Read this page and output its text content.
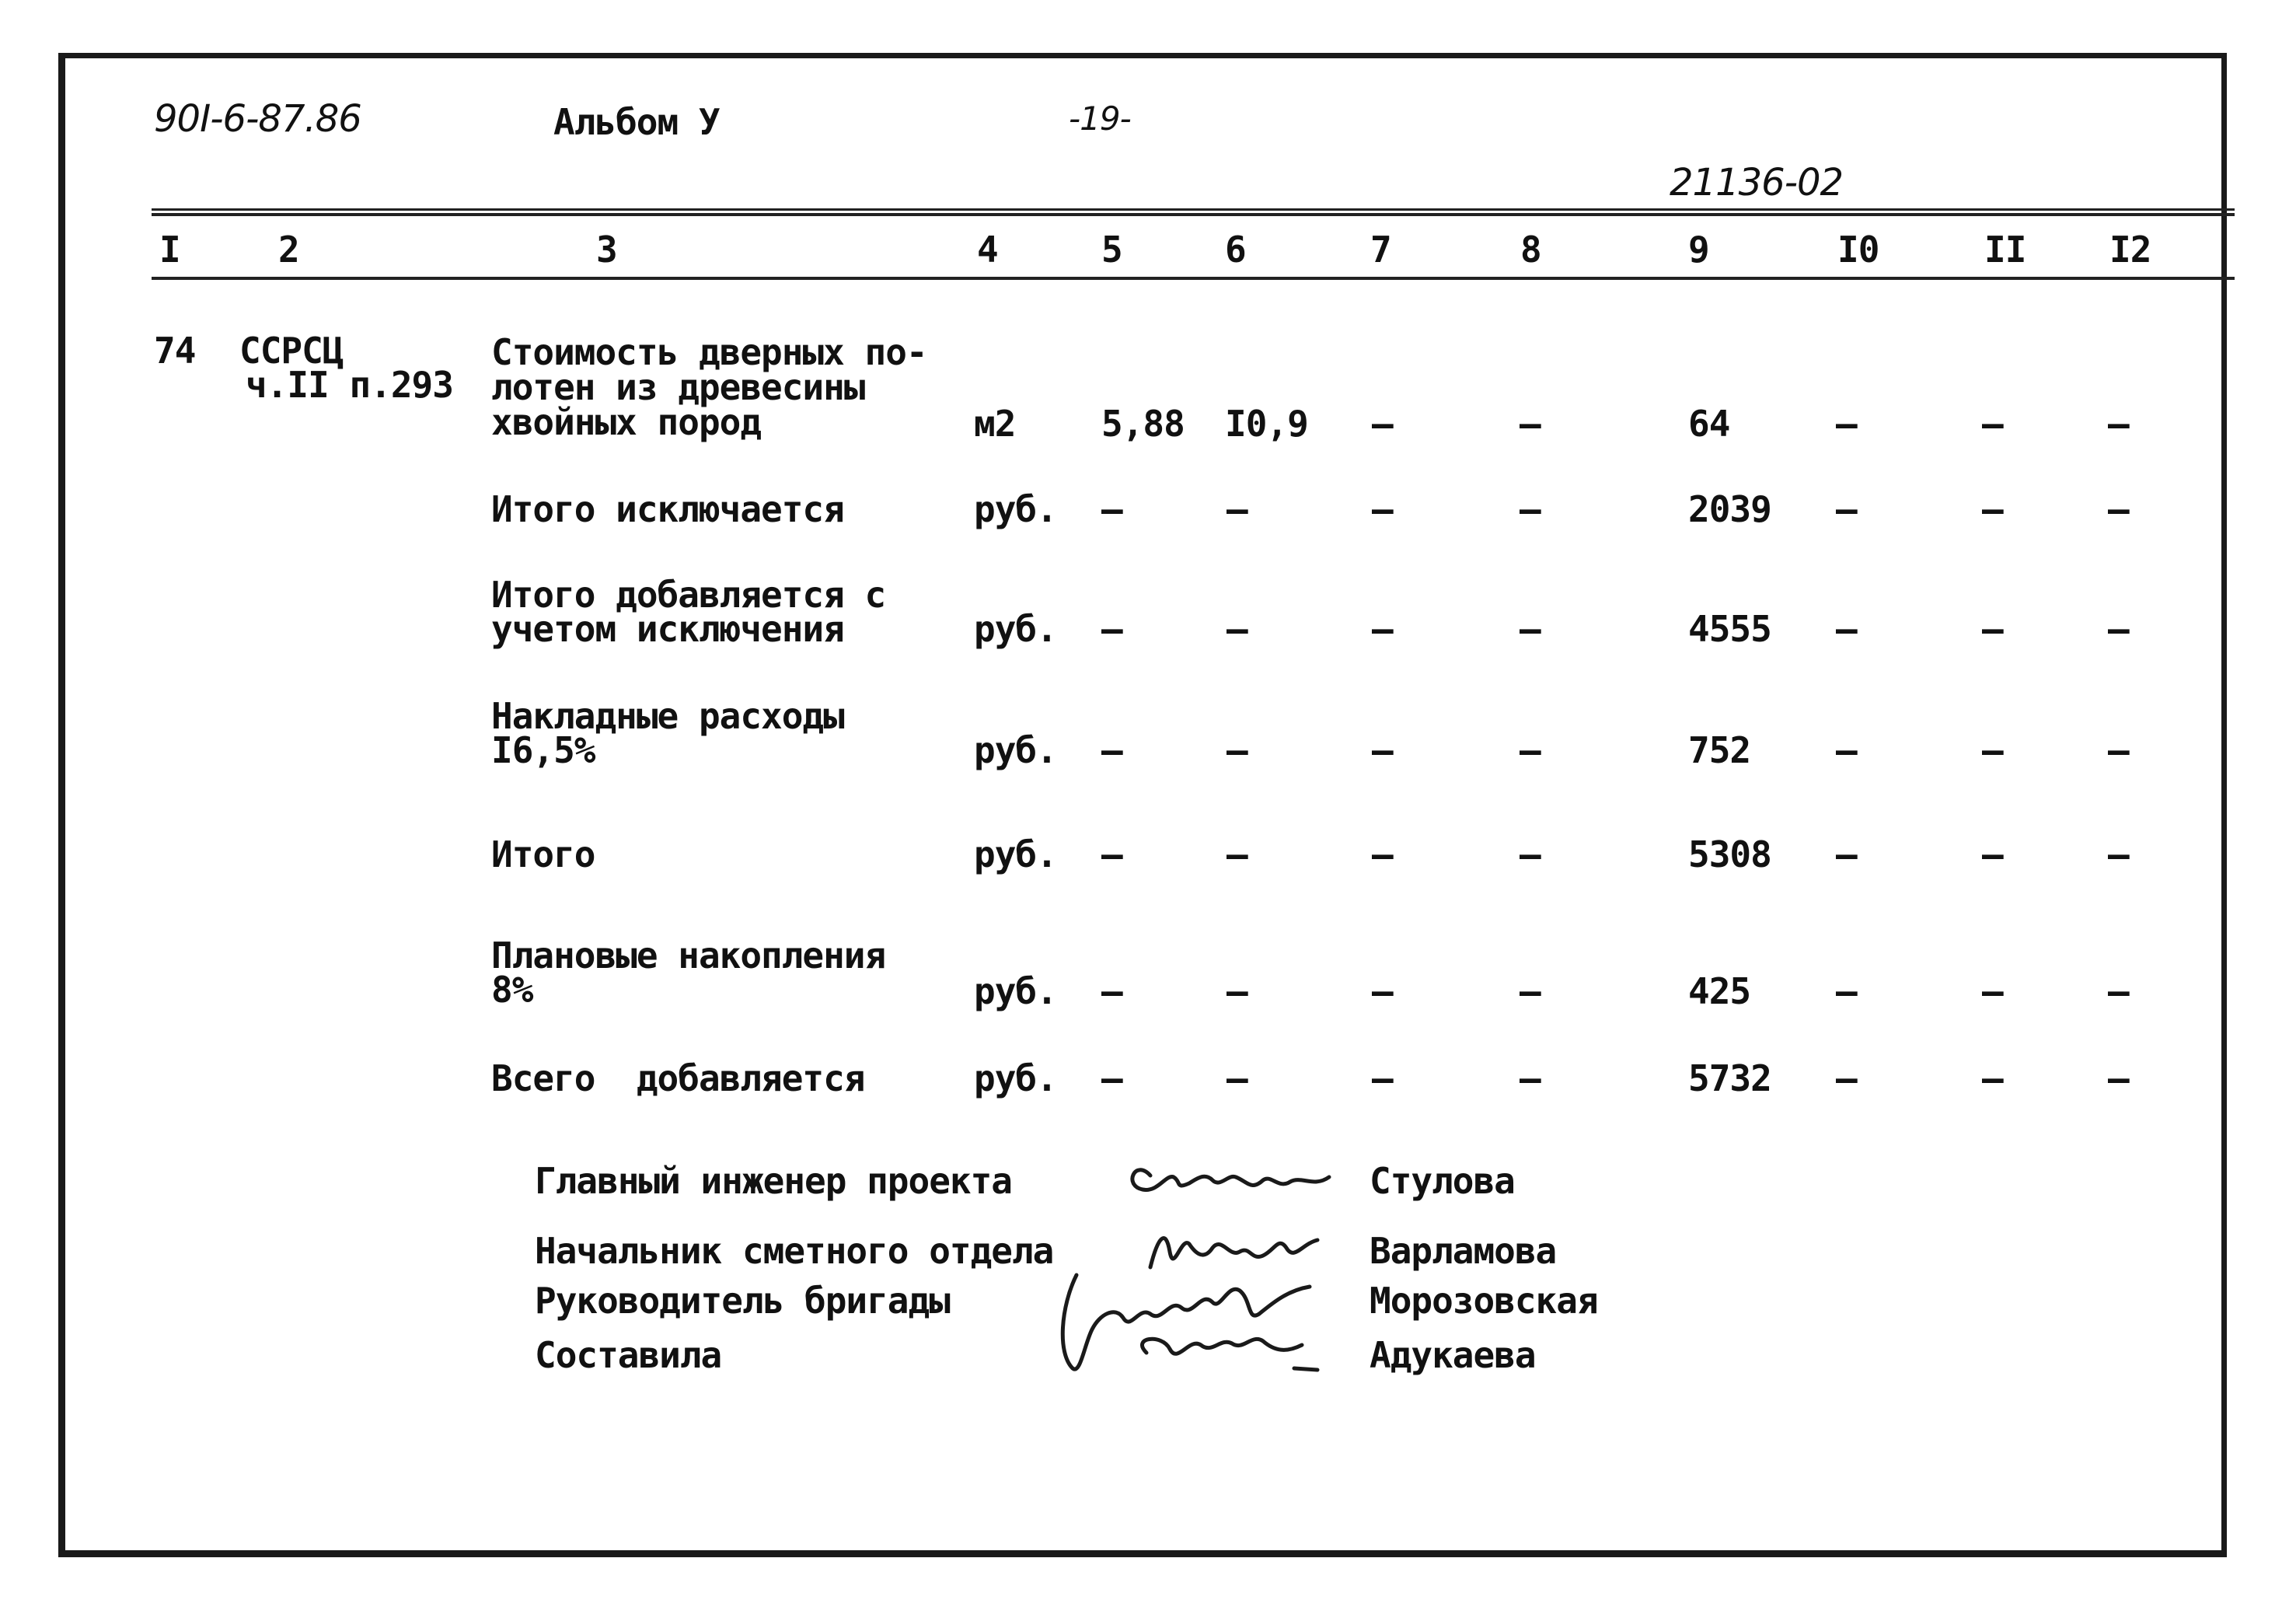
90I-6-87.86	Альбом У	-19-
21136-02
I	2	3	4	5	6	7	8	9	I0	II I2
74 ССРСЦ
ч.II п.293
Стоимость дверных по-
лотен из древесины
хвойных пород	м2 5,88 I0,9 –	–	64	–	–	–
Итого исключается	руб. –	–	–	–	2039 –	–	–
Итого добавляется с
учетом исключения	руб. –	–	–	–	4555 –	–	–
Накладные расходы
I6,5%	руб. –	–	–	–	752 –	–	–
Итого	руб. –	–	–	–	5308 –	–	–
Плановые накопления
8%	руб. –	–	–	–	425 –	–	–
Всего  добавляется	руб. –	–	–	–	5732 –	–	–
Главный инженер проекта	Стулова
Начальник сметного отдела	Варламова
Руководитель бригады	Морозовская
Составила	Адукаева
